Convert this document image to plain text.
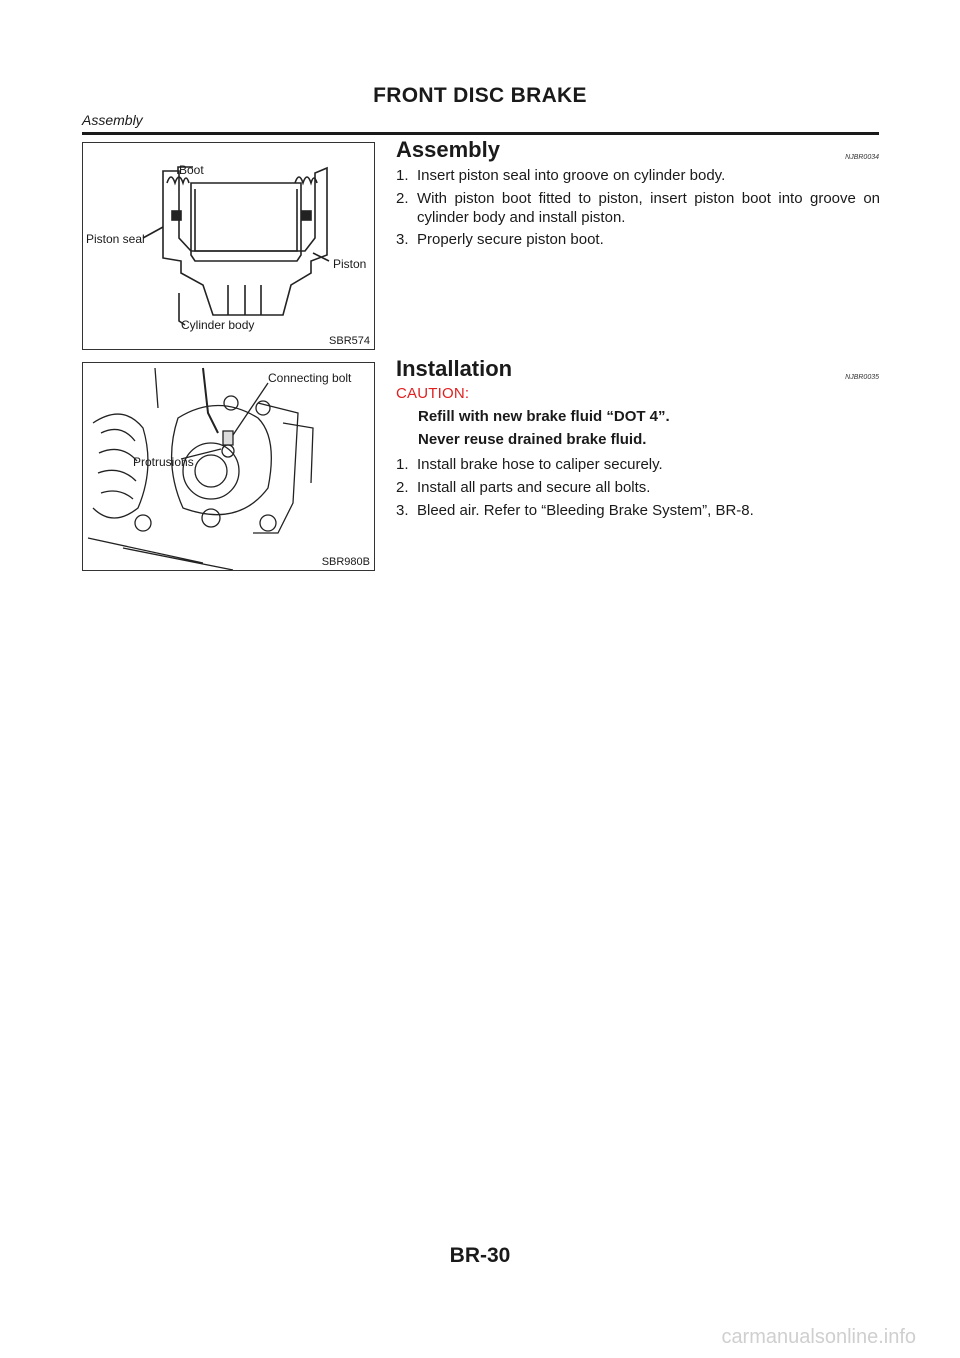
FRONT DISC BRAKE
Assembly
Boot
Piston seal
Piston
Cylinder body
SBR574
Assembly	NJBR0034
1. Insert piston seal into groove on cylinder body.
2. With piston boot fitted to piston, insert piston boot into groove on cylinder body and install piston.
3. Properly secure piston boot.
Connecting bolt
Protrusions
SBR980B
Installation	NJBR0035
CAUTION:
Refill with new brake fluid “DOT 4”.
Never reuse drained brake fluid.
1. Install brake hose to caliper securely.
2. Install all parts and secure all bolts.
3. Bleed air. Refer to “Bleeding Brake System”, BR-8.
BR-30
carmanualsonline.info
